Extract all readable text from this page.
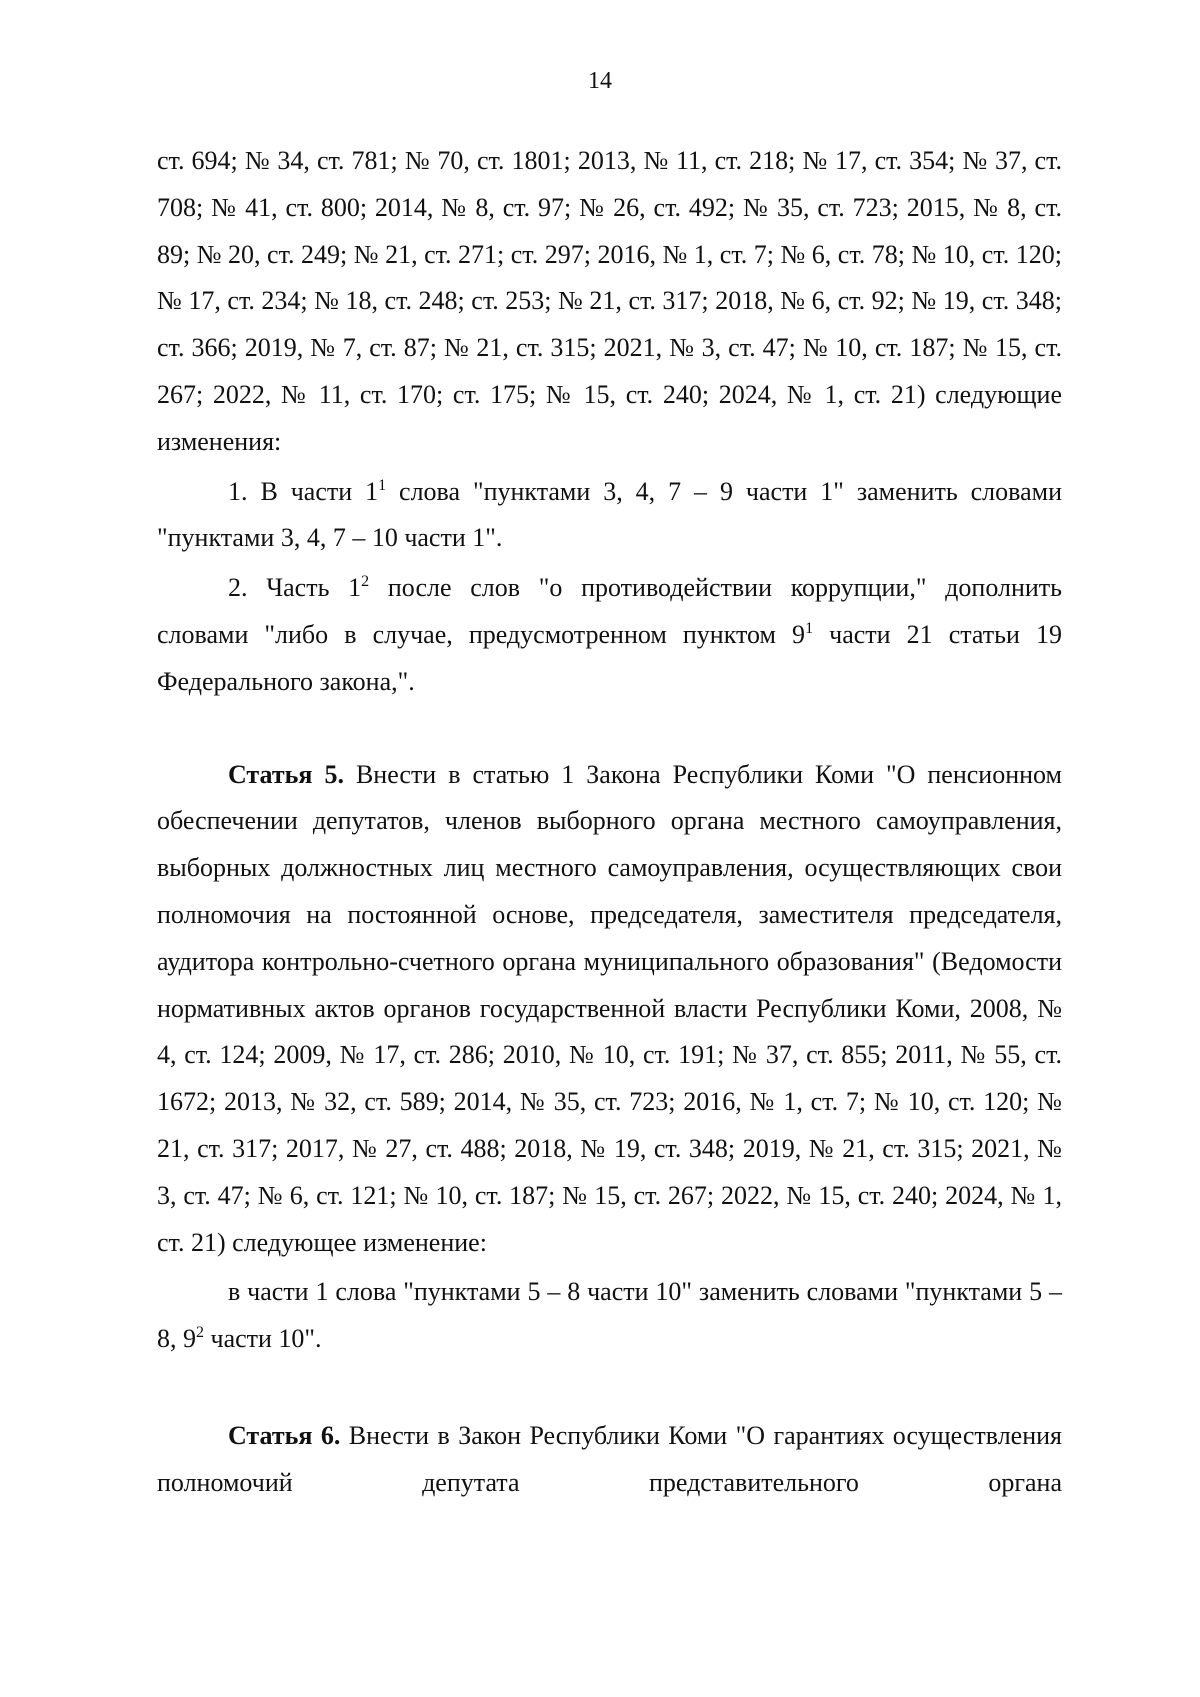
14

ст. 694; № 34, ст. 781; № 70, ст. 1801; 2013, № 11, ст. 218; № 17, ст. 354; № 37, ст. 708; № 41, ст. 800; 2014, № 8, ст. 97; № 26, ст. 492; № 35, ст. 723; 2015, № 8, ст. 89; № 20, ст. 249; № 21, ст. 271; ст. 297; 2016, № 1, ст. 7; № 6, ст. 78; № 10, ст. 120; № 17, ст. 234; № 18, ст. 248; ст. 253; № 21, ст. 317; 2018, № 6, ст. 92; № 19, ст. 348; ст. 366; 2019, № 7, ст. 87; № 21, ст. 315; 2021, № 3, ст. 47; № 10, ст. 187; № 15, ст. 267; 2022, № 11, ст. 170; ст. 175; № 15, ст. 240; 2024, № 1, ст. 21) следующие изменения:

1. В части $1^1$ слова "пунктами 3, 4, 7 – 9 части 1" заменить словами "пунктами 3, 4, 7 – 10 части 1".

2. Часть $1^2$ после слов "о противодействии коррупции," дополнить словами "либо в случае, предусмотренном пунктом $9^1$ части 21 статьи 19 Федерального закона,".

Статья 5. Внести в статью 1 Закона Республики Коми "О пенсионном обеспечении депутатов, членов выборного органа местного самоуправления, выборных должностных лиц местного самоуправления, осуществляющих свои полномочия на постоянной основе, председателя, заместителя председателя, аудитора контрольно-счетного органа муниципального образования" (Ведомости нормативных актов органов государственной власти Республики Коми, 2008, № 4, ст. 124; 2009, № 17, ст. 286; 2010, № 10, ст. 191; № 37, ст. 855; 2011, № 55, ст. 1672; 2013, № 32, ст. 589; 2014, № 35, ст. 723; 2016, № 1, ст. 7; № 10, ст. 120; № 21, ст. 317; 2017, № 27, ст. 488; 2018, № 19, ст. 348; 2019, № 21, ст. 315; 2021, № 3, ст. 47; № 6, ст. 121; № 10, ст. 187; № 15, ст. 267; 2022, № 15, ст. 240; 2024, № 1, ст. 21) следующее изменение:

в части 1 слова "пунктами 5 – 8 части 10" заменить словами "пунктами 5 – 8, $9^2$ части 10".

Статья 6. Внести в Закон Республики Коми "О гарантиях осуществления полномочий депутата представительного органа
